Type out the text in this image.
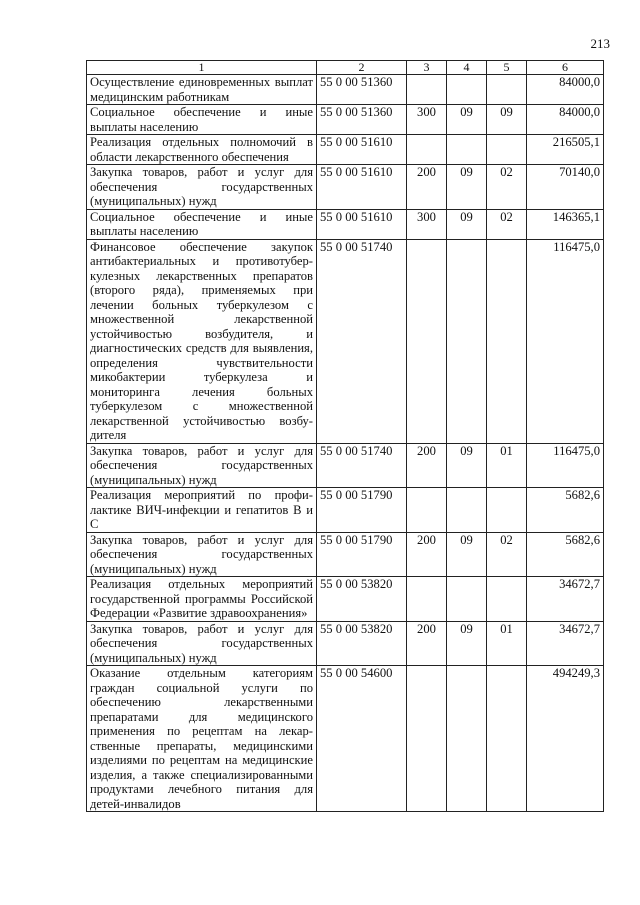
213
1	2	3	4	5	6
Осуществление единовременных выплат медицинским работникам	55 0 00 51360				84000,0
Социальное обеспечение и иные выплаты населению	55 0 00 51360	300	09	09	84000,0
Реализация отдельных полномочий в области лекарственного обеспечения	55 0 00 51610				216505,1
Закупка товаров, работ и услуг для обеспечения государственных (муниципальных) нужд	55 0 00 51610	200	09	02	70140,0
Социальное обеспечение и иные выплаты населению	55 0 00 51610	300	09	02	146365,1
Финансовое обеспечение закупок антибактериальных и противотуберкулезных лекарственных препаратов (второго ряда), применяемых при лечении больных туберкулезом с множественной лекарственной устойчивостью возбудителя, и диагностических средств для выявления, определения чувствительности микобактерии туберкулеза и мониторинга лечения больных туберкулезом с множественной лекарственной устойчивостью возбудителя	55 0 00 51740				116475,0
Закупка товаров, работ и услуг для обеспечения государственных (муниципальных) нужд	55 0 00 51740	200	09	01	116475,0
Реализация мероприятий по профилактике ВИЧ-инфекции и гепатитов В и С	55 0 00 51790				5682,6
Закупка товаров, работ и услуг для обеспечения государственных (муниципальных) нужд	55 0 00 51790	200	09	02	5682,6
Реализация отдельных мероприятий государственной программы Российской Федерации «Развитие здравоохранения»	55 0 00 53820				34672,7
Закупка товаров, работ и услуг для обеспечения государственных (муниципальных) нужд	55 0 00 53820	200	09	01	34672,7
Оказание отдельным категориям граждан социальной услуги по обеспечению лекарственными препаратами для медицинского применения по рецептам на лекарственные препараты, медицинскими изделиями по рецептам на медицинские изделия, а также специализированными продуктами лечебного питания для детей-инвалидов	55 0 00 54600				494249,3
